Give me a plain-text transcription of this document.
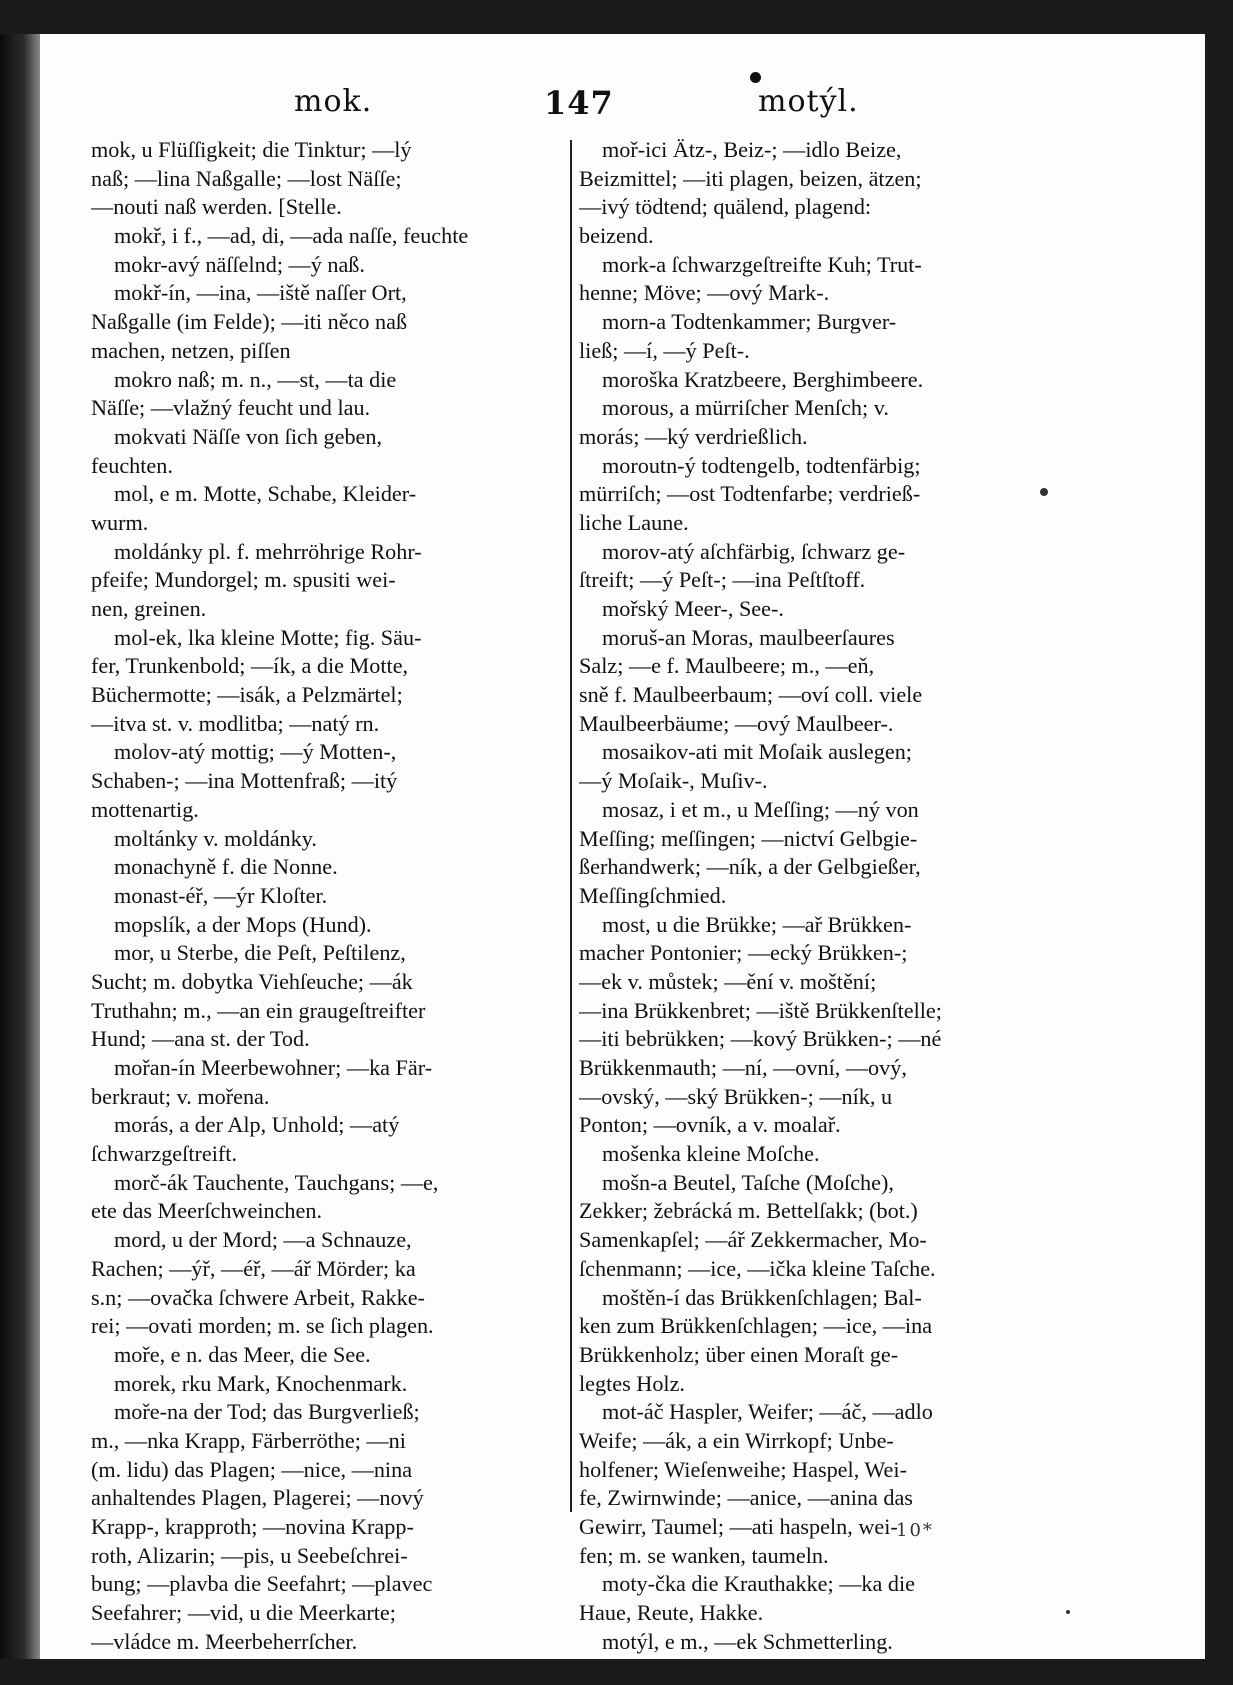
mok.	147	motýl.
mok, u Flüſſigkeit; die Tinktur; —lý
naß; —lina Naßgalle; —lost Näſſe;
—nouti naß werden. [Stelle.
mokř, i f., —ad, di, —ada naſſe, feuchte
mokr-avý näſſelnd; —ý naß.
mokř-ín, —ina, —iště naſſer Ort,
Naßgalle (im Felde); —iti něco naß
machen, netzen, piſſen
mokro naß; m. n., —st, —ta die
Näſſe; —vlažný feucht und lau.
mokvati Näſſe von ſich geben,
feuchten.
mol, e m. Motte, Schabe, Kleider-
wurm.
moldánky pl. f. mehrröhrige Rohr-
pfeife; Mundorgel; m. spusiti wei-
nen, greinen.
mol-ek, lka kleine Motte; fig. Säu-
fer, Trunkenbold; —ík, a die Motte,
Büchermotte; —isák, a Pelzmärtel;
—itva st. v. modlitba; —natý rn.
molov-atý mottig; —ý Motten-,
Schaben-; —ina Mottenfraß; —itý
mottenartig.
moltánky v. moldánky.
monachyně f. die Nonne.
monast-éř, —ýr Kloſter.
mopslík, a der Mops (Hund).
mor, u Sterbe, die Peſt, Peſtilenz,
Sucht; m. dobytka Viehſeuche; —ák
Truthahn; m., —an ein graugeſtreifter
Hund; —ana st. der Tod.
mořan-ín Meerbewohner; —ka Fär-
berkraut; v. mořena.
morás, a der Alp, Unhold; —atý
ſchwarzgeſtreift.
morč-ák Tauchente, Tauchgans; —e,
ete das Meerſchweinchen.
mord, u der Mord; —a Schnauze,
Rachen; —ýř, —éř, —ář Mörder; ka
s.n; —ovačka ſchwere Arbeit, Rakke-
rei; —ovati morden; m. se ſich plagen.
moře, e n. das Meer, die See.
morek, rku Mark, Knochenmark.
moře-na der Tod; das Burgverließ;
m., —nka Krapp, Färberröthe; —ni
(m. lidu) das Plagen; —nice, —nina
anhaltendes Plagen, Plagerei; —nový
Krapp-, krapproth; —novina Krapp-
roth, Alizarin; —pis, u Seebeſchrei-
bung; —plavba die Seefahrt; —plavec
Seefahrer; —vid, u die Meerkarte;
—vládce m. Meerbeherrſcher.
moř-ici Ätz-, Beiz-; —idlo Beize,
Beizmittel; —iti plagen, beizen, ätzen;
—ivý tödtend; quälend, plagend:
beizend.
mork-a ſchwarzgeſtreifte Kuh; Trut-
henne; Möve; —ový Mark-.
morn-a Todtenkammer; Burgver-
ließ; —í, —ý Peſt-.
moroška Kratzbeere, Berghimbeere.
morous, a mürriſcher Menſch; v.
morás; —ký verdrießlich.
moroutn-ý todtengelb, todtenfärbig;
mürriſch; —ost Todtenfarbe; verdrieß-
liche Laune.
morov-atý aſchfärbig, ſchwarz ge-
ſtreift; —ý Peſt-; —ina Peſtſtoff.
mořský Meer-, See-.
moruš-an Moras, maulbeerſaures
Salz; —e f. Maulbeere; m., —eň,
sně f. Maulbeerbaum; —oví coll. viele
Maulbeerbäume; —ový Maulbeer-.
mosaikov-ati mit Moſaik auslegen;
—ý Moſaik-, Muſiv-.
mosaz, i et m., u Meſſing; —ný von
Meſſing; meſſingen; —nictví Gelbgie-
ßerhandwerk; —ník, a der Gelbgießer,
Meſſingſchmied.
most, u die Brükke; —ař Brükken-
macher Pontonier; —ecký Brükken-;
—ek v. můstek; —ění v. moštění;
—ina Brükkenbret; —iště Brükkenſtelle;
—iti bebrükken; —kový Brükken-; —né
Brükkenmauth; —ní, —ovní, —ový,
—ovský, —ský Brükken-; —ník, u
Ponton; —ovník, a v. moalař.
mošenka kleine Moſche.
mošn-a Beutel, Taſche (Moſche),
Zekker; žebrácká m. Bettelſakk; (bot.)
Samenkapſel; —ář Zekkermacher, Mo-
ſchenmann; —ice, —ička kleine Taſche.
moštěn-í das Brükkenſchlagen; Bal-
ken zum Brükkenſchlagen; —ice, —ina
Brükkenholz; über einen Moraſt ge-
legtes Holz.
mot-áč Haspler, Weifer; —áč, —adlo
Weife; —ák, a ein Wirrkopf; Unbe-
holfener; Wieſenweihe; Haspel, Wei-
fe, Zwirnwinde; —anice, —anina das
Gewirr, Taumel; —ati haspeln, wei-
fen; m. se wanken, taumeln.
moty-čka die Krauthakke; —ka die
Haue, Reute, Hakke.
motýl, e m., —ek Schmetterling.
10*
